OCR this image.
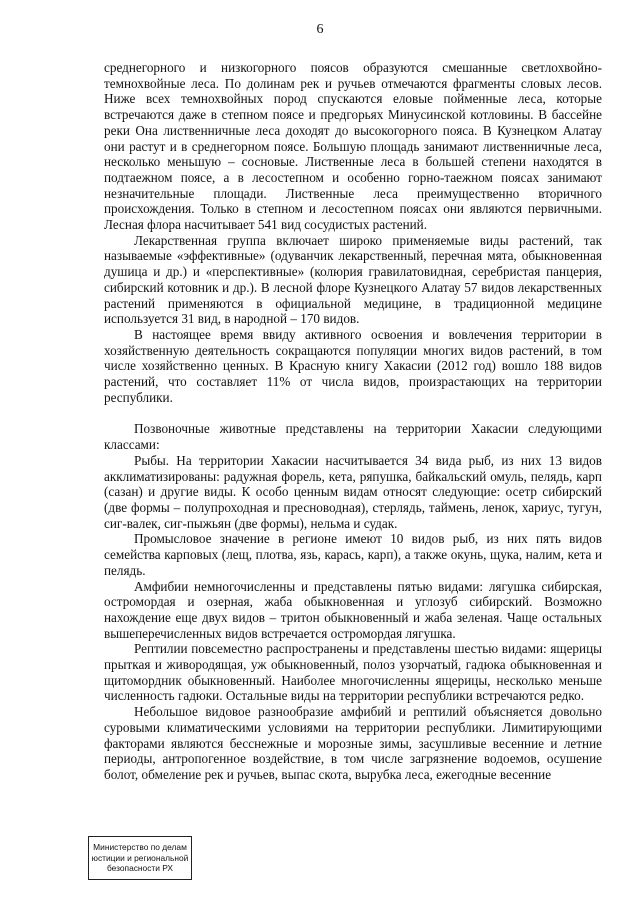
6

среднегорного и низкогорного поясов образуются смешанные светлохвойно-темнохвойные леса. По долинам рек и ручьев отмечаются фрагменты словых лесов. Ниже всех темнохвойных пород спускаются еловые пойменные леса, которые встречаются даже в степном поясе и предгорьях Минусинской котловины. В бассейне реки Она лиственничные леса доходят до высокогорного пояса. В Кузнецком Алатау они растут и в среднегорном поясе. Большую площадь занимают лиственничные леса, несколько меньшую – сосновые. Лиственные леса в большей степени находятся в подтаежном поясе, а в лесостепном и особенно горно-таежном поясах занимают незначительные площади. Лиственные леса преимущественно вторичного происхождения. Только в степном и лесостепном поясах они являются первичными. Лесная флора насчитывает 541 вид сосудистых растений.

Лекарственная группа включает широко применяемые виды растений, так называемые «эффективные» (одуванчик лекарственный, перечная мята, обыкновенная душица и др.) и «перспективные» (колюрия гравилатовидная, серебристая панцерия, сибирский котовник и др.). В лесной флоре Кузнецкого Алатау 57 видов лекарственных растений применяются в официальной медицине, в традиционной медицине используется 31 вид, в народной – 170 видов.

В настоящее время ввиду активного освоения и вовлечения территории в хозяйственную деятельность сокращаются популяции многих видов растений, в том числе хозяйственно ценных. В Красную книгу Хакасии (2012 год) вошло 188 видов растений, что составляет 11% от числа видов, произрастающих на территории республики.

Позвоночные животные представлены на территории Хакасии следующими классами:

Рыбы. На территории Хакасии насчитывается 34 вида рыб, из них 13 видов акклиматизированы: радужная форель, кета, ряпушка, байкальский омуль, пелядь, карп (сазан) и другие виды. К особо ценным видам относят следующие: осетр сибирский (две формы – полупроходная и пресноводная), стерлядь, таймень, ленок, хариус, тугун, сиг-валек, сиг-пыжьян (две формы), нельма и судак.

Промысловое значение в регионе имеют 10 видов рыб, из них пять видов семейства карповых (лещ, плотва, язь, карась, карп), а также окунь, щука, налим, кета и пелядь.

Амфибии немногочисленны и представлены пятью видами: лягушка сибирская, остромордая и озерная, жаба обыкновенная и углозуб сибирский. Возможно нахождение еще двух видов – тритон обыкновенный и жаба зеленая. Чаще остальных вышеперечисленных видов встречается остромордая лягушка.

Рептилии повсеместно распространены и представлены шестью видами: ящерицы прыткая и живородящая, уж обыкновенный, полоз узорчатый, гадюка обыкновенная и щитомордник обыкновенный. Наиболее многочисленны ящерицы, несколько меньше численность гадюки. Остальные виды на территории республики встречаются редко.

Небольшое видовое разнообразие амфибий и рептилий объясняется довольно суровыми климатическими условиями на территории республики. Лимитирующими факторами являются бесснежные и морозные зимы, засушливые весенние и летние периоды, антропогенное воздействие, в том числе загрязнение водоемов, осушение болот, обмеление рек и ручьев, выпас скота, вырубка леса, ежегодные весенние

Министерство по делам
юстиции и региональной
безопасности РХ
